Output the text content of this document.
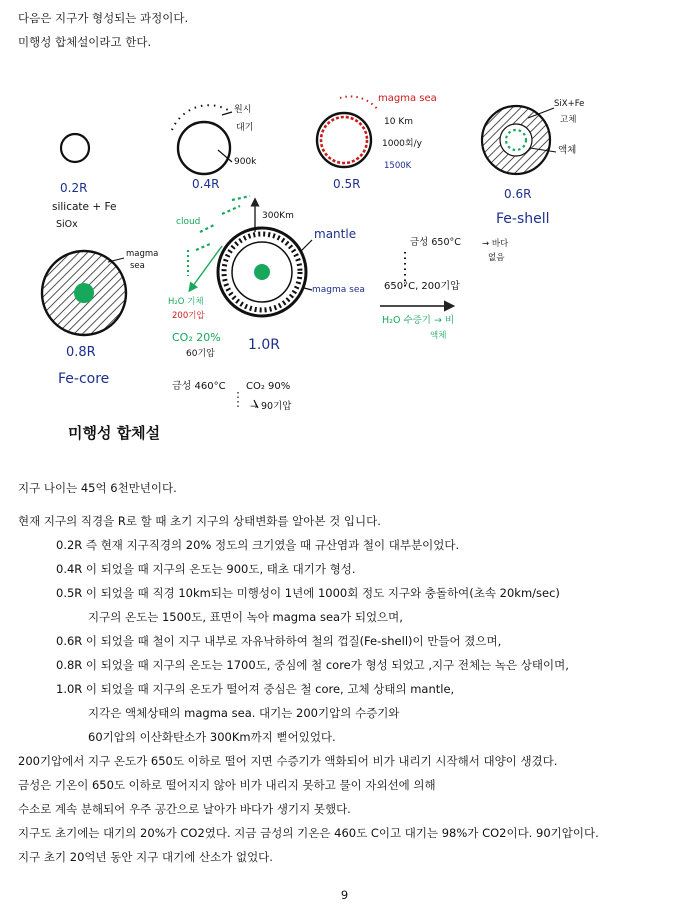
다음은 지구가 형성되는 과정이다.
미행성 합체설이라고 한다.
0.2R
silicate + Fe
SiOx
0.4R
원시
대기
900k
0.5R
magma sea
10 Km
1000회/y
1500K
0.6R
Fe-shell
SiX+Fe
고체
액체
0.8R
Fe-core
magma
sea
1.0R
cloud
300Km
mantle
magma sea
H₂O 기체
200기압
CO₂ 20%
60기압
금성 650°C → 바다
없음
650°C, 200기압
H₂O 수증기 → 비
액체
금성 460°C CO₂ 90%
→ 90기압
미행성 합체설
지구 나이는 45억 6천만년이다.
현재 지구의 직경을 R로 할 때 초기 지구의 상태변화를 알아본 것 입니다.
0.2R 즉 현재 지구직경의 20% 정도의 크기였을 때 규산염과 철이 대부분이었다.
0.4R 이 되었을 때 지구의 온도는 900도, 태초 대기가 형성.
0.5R 이 되었을 때 직경 10km되는 미행성이 1년에 1000회 정도 지구와 충돌하여(초속 20km/sec)
지구의 온도는 1500도, 표면이 녹아 magma sea가 되었으며,
0.6R 이 되었을 때 철이 지구 내부로 자유낙하하여 철의 껍질(Fe-shell)이 만들어 졌으며,
0.8R 이 되었을 때 지구의 온도는 1700도, 중심에 철 core가 형성 되었고 ,지구 전체는 녹은 상태이며,
1.0R 이 되었을 때 지구의 온도가 떨어져 중심은 철 core, 고체 상태의 mantle,
지각은 액체상태의 magma sea. 대기는 200기압의 수증기와
60기압의 이산화탄소가 300Km까지 뻗어있었다.
200기압에서 지구 온도가 650도 이하로 떨어 지면 수증기가 액화되어 비가 내리기 시작해서 대양이 생겼다.
금성은 기온이 650도 이하로 떨어지지 않아 비가 내리지 못하고 물이 자외선에 의해
수소로 계속 분해되어 우주 공간으로 날아가 바다가 생기지 못했다.
지구도 초기에는 대기의 20%가 CO2였다. 지금 금성의 기온은 460도 C이고 대기는 98%가 CO2이다. 90기압이다.
지구 초기 20억년 동안 지구 대기에 산소가 없었다.
9
